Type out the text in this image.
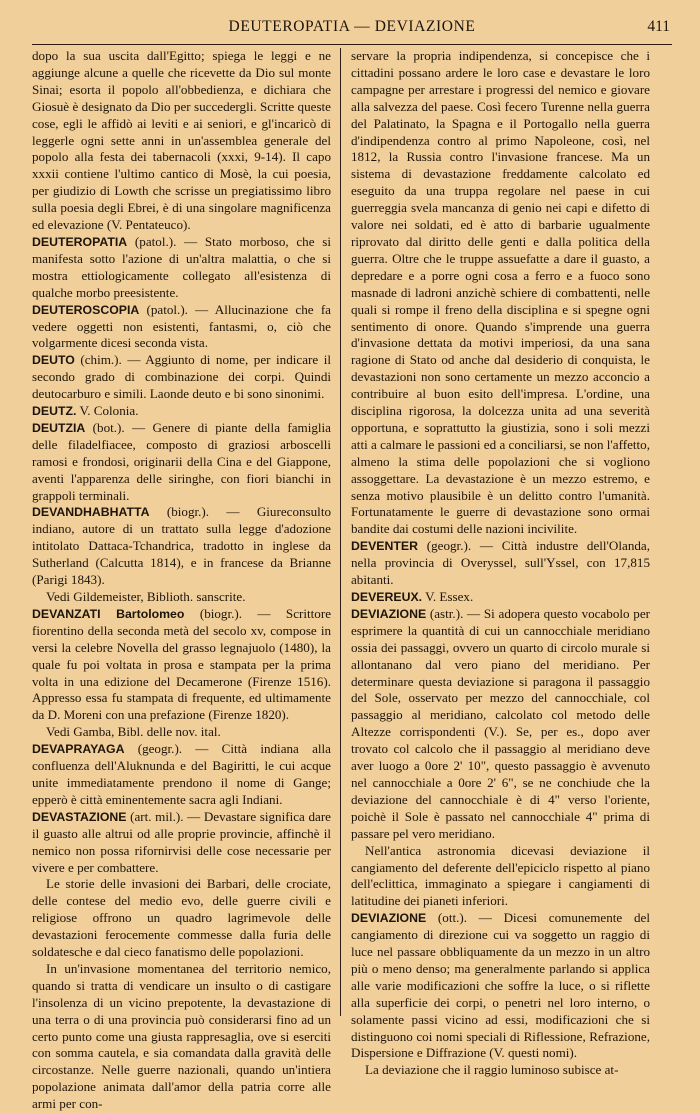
DEUTEROPATIA — DEVIAZIONE	411

dopo la sua uscita dall'Egitto; spiega le leggi e ne aggiunge alcune a quelle che ricevette da Dio sul monte Sinai; esorta il popolo all'obbedienza, e dichiara che Giosuè è designato da Dio per succedergli. Scritte queste cose, egli le affidò ai leviti e ai seniori, e gl'incaricò di leggerle ogni sette anni in un'assemblea generale del popolo alla festa dei tabernacoli (xxxi, 9-14). Il capo xxxii contiene l'ultimo cantico di Mosè, la cui poesia, per giudizio di Lowth che scrisse un pregiatissimo libro sulla poesia degli Ebrei, è di una singolare magnificenza ed elevazione (V. Pentateuco).

DEUTEROPATIA (patol.). — Stato morboso, che si manifesta sotto l'azione di un'altra malattia, o che si mostra ettiologicamente collegato all'esistenza di qualche morbo preesistente.

DEUTEROSCOPIA (patol.). — Allucinazione che fa vedere oggetti non esistenti, fantasmi, o, ciò che volgarmente dicesi seconda vista.

DEUTO (chim.). — Aggiunto di nome, per indicare il secondo grado di combinazione dei corpi. Quindi deutocarburo e simili. Laonde deuto e bi sono sinonimi.

DEUTZ. V. Colonia.

DEUTZIA (bot.). — Genere di piante della famiglia delle filadelfiacee, composto di graziosi arboscelli ramosi e frondosi, originarii della Cina e del Giappone, aventi l'apparenza delle siringhe, con fiori bianchi in grappoli terminali.

DEVANDHABHATTA (biogr.). — Giureconsulto indiano, autore di un trattato sulla legge d'adozione intitolato Dattaca-Tchandrica, tradotto in inglese da Sutherland (Calcutta 1814), e in francese da Brianne (Parigi 1843).

Vedi Gildemeister, Biblioth. sanscrite.

DEVANZATI Bartolomeo (biogr.). — Scrittore fiorentino della seconda metà del secolo xv, compose in versi la celebre Novella del grasso legnajuolo (1480), la quale fu poi voltata in prosa e stampata per la prima volta in una edizione del Decamerone (Firenze 1516). Appresso essa fu stampata di frequente, ed ultimamente da D. Moreni con una prefazione (Firenze 1820).

Vedi Gamba, Bibl. delle nov. ital.

DEVAPRAYAGA (geogr.). — Città indiana alla confluenza dell'Aluknunda e del Bagiritti, le cui acque unite immediatamente prendono il nome di Gange; epperò è città eminentemente sacra agli Indiani.

DEVASTAZIONE (art. mil.). — Devastare significa dare il guasto alle altrui od alle proprie provincie, affinchè il nemico non possa rifornirvisi delle cose necessarie per vivere e per combattere.

Le storie delle invasioni dei Barbari, delle crociate, delle contese del medio evo, delle guerre civili e religiose offrono un quadro lagrimevole delle devastazioni ferocemente commesse dalla furia delle soldatesche e dal cieco fanatismo delle popolazioni.

In un'invasione momentanea del territorio nemico, quando si tratta di vendicare un insulto o di castigare l'insolenza di un vicino prepotente, la devastazione di una terra o di una provincia può considerarsi fino ad un certo punto come una giusta rappresaglia, ove si eserciti con somma cautela, e sia comandata dalla gravità delle circostanze. Nelle guerre nazionali, quando un'intiera popolazione animata dall'amor della patria corre alle armi per con-

servare la propria indipendenza, si concepisce che i cittadini possano ardere le loro case e devastare le loro campagne per arrestare i progressi del nemico e giovare alla salvezza del paese. Così fecero Turenne nella guerra del Palatinato, la Spagna e il Portogallo nella guerra d'indipendenza contro al primo Napoleone, così, nel 1812, la Russia contro l'invasione francese. Ma un sistema di devastazione freddamente calcolato ed eseguito da una truppa regolare nel paese in cui guerreggia svela mancanza di genio nei capi e difetto di valore nei soldati, ed è atto di barbarie ugualmente riprovato dal diritto delle genti e dalla politica della guerra. Oltre che le truppe assuefatte a dare il guasto, a depredare e a porre ogni cosa a ferro e a fuoco sono masnade di ladroni anzichè schiere di combattenti, nelle quali si rompe il freno della disciplina e si spegne ogni sentimento di onore. Quando s'imprende una guerra d'invasione dettata da motivi imperiosi, da una sana ragione di Stato od anche dal desiderio di conquista, le devastazioni non sono certamente un mezzo acconcio a contribuire al buon esito dell'impresa. L'ordine, una disciplina rigorosa, la dolcezza unita ad una severità opportuna, e soprattutto la giustizia, sono i soli mezzi atti a calmare le passioni ed a conciliarsi, se non l'affetto, almeno la stima delle popolazioni che si vogliono assoggettare. La devastazione è un mezzo estremo, e senza motivo plausibile è un delitto contro l'umanità. Fortunatamente le guerre di devastazione sono ormai bandite dai costumi delle nazioni incivilite.

DEVENTER (geogr.). — Città industre dell'Olanda, nella provincia di Overyssel, sull'Yssel, con 17,815 abitanti.

DEVEREUX. V. Essex.

DEVIAZIONE (astr.). — Si adopera questo vocabolo per esprimere la quantità di cui un cannocchiale meridiano ossia dei passaggi, ovvero un quarto di circolo murale si allontanano dal vero piano del meridiano. Per determinare questa deviazione si paragona il passaggio del Sole, osservato per mezzo del cannocchiale, col passaggio al meridiano, calcolato col metodo delle Altezze corrispondenti (V.). Se, per es., dopo aver trovato col calcolo che il passaggio al meridiano deve aver luogo a 0ore 2' 10", questo passaggio è avvenuto nel cannocchiale a 0ore 2' 6", se ne conchiude che la deviazione del cannocchiale è di 4" verso l'oriente, poichè il Sole è passato nel cannocchiale 4" prima di passare pel vero meridiano.

Nell'antica astronomia dicevasi deviazione il cangiamento del deferente dell'epiciclo rispetto al piano dell'eclittica, immaginato a spiegare i cangiamenti di latitudine dei pianeti inferiori.

DEVIAZIONE (ott.). — Dicesi comunemente del cangiamento di direzione cui va soggetto un raggio di luce nel passare obbliquamente da un mezzo in un altro più o meno denso; ma generalmente parlando si applica alle varie modificazioni che soffre la luce, o si riflette alla superficie dei corpi, o penetri nel loro interno, o solamente passi vicino ad essi, modificazioni che si distinguono coi nomi speciali di Riflessione, Refrazione, Dispersione e Diffrazione (V. questi nomi).

La deviazione che il raggio luminoso subisce at-
